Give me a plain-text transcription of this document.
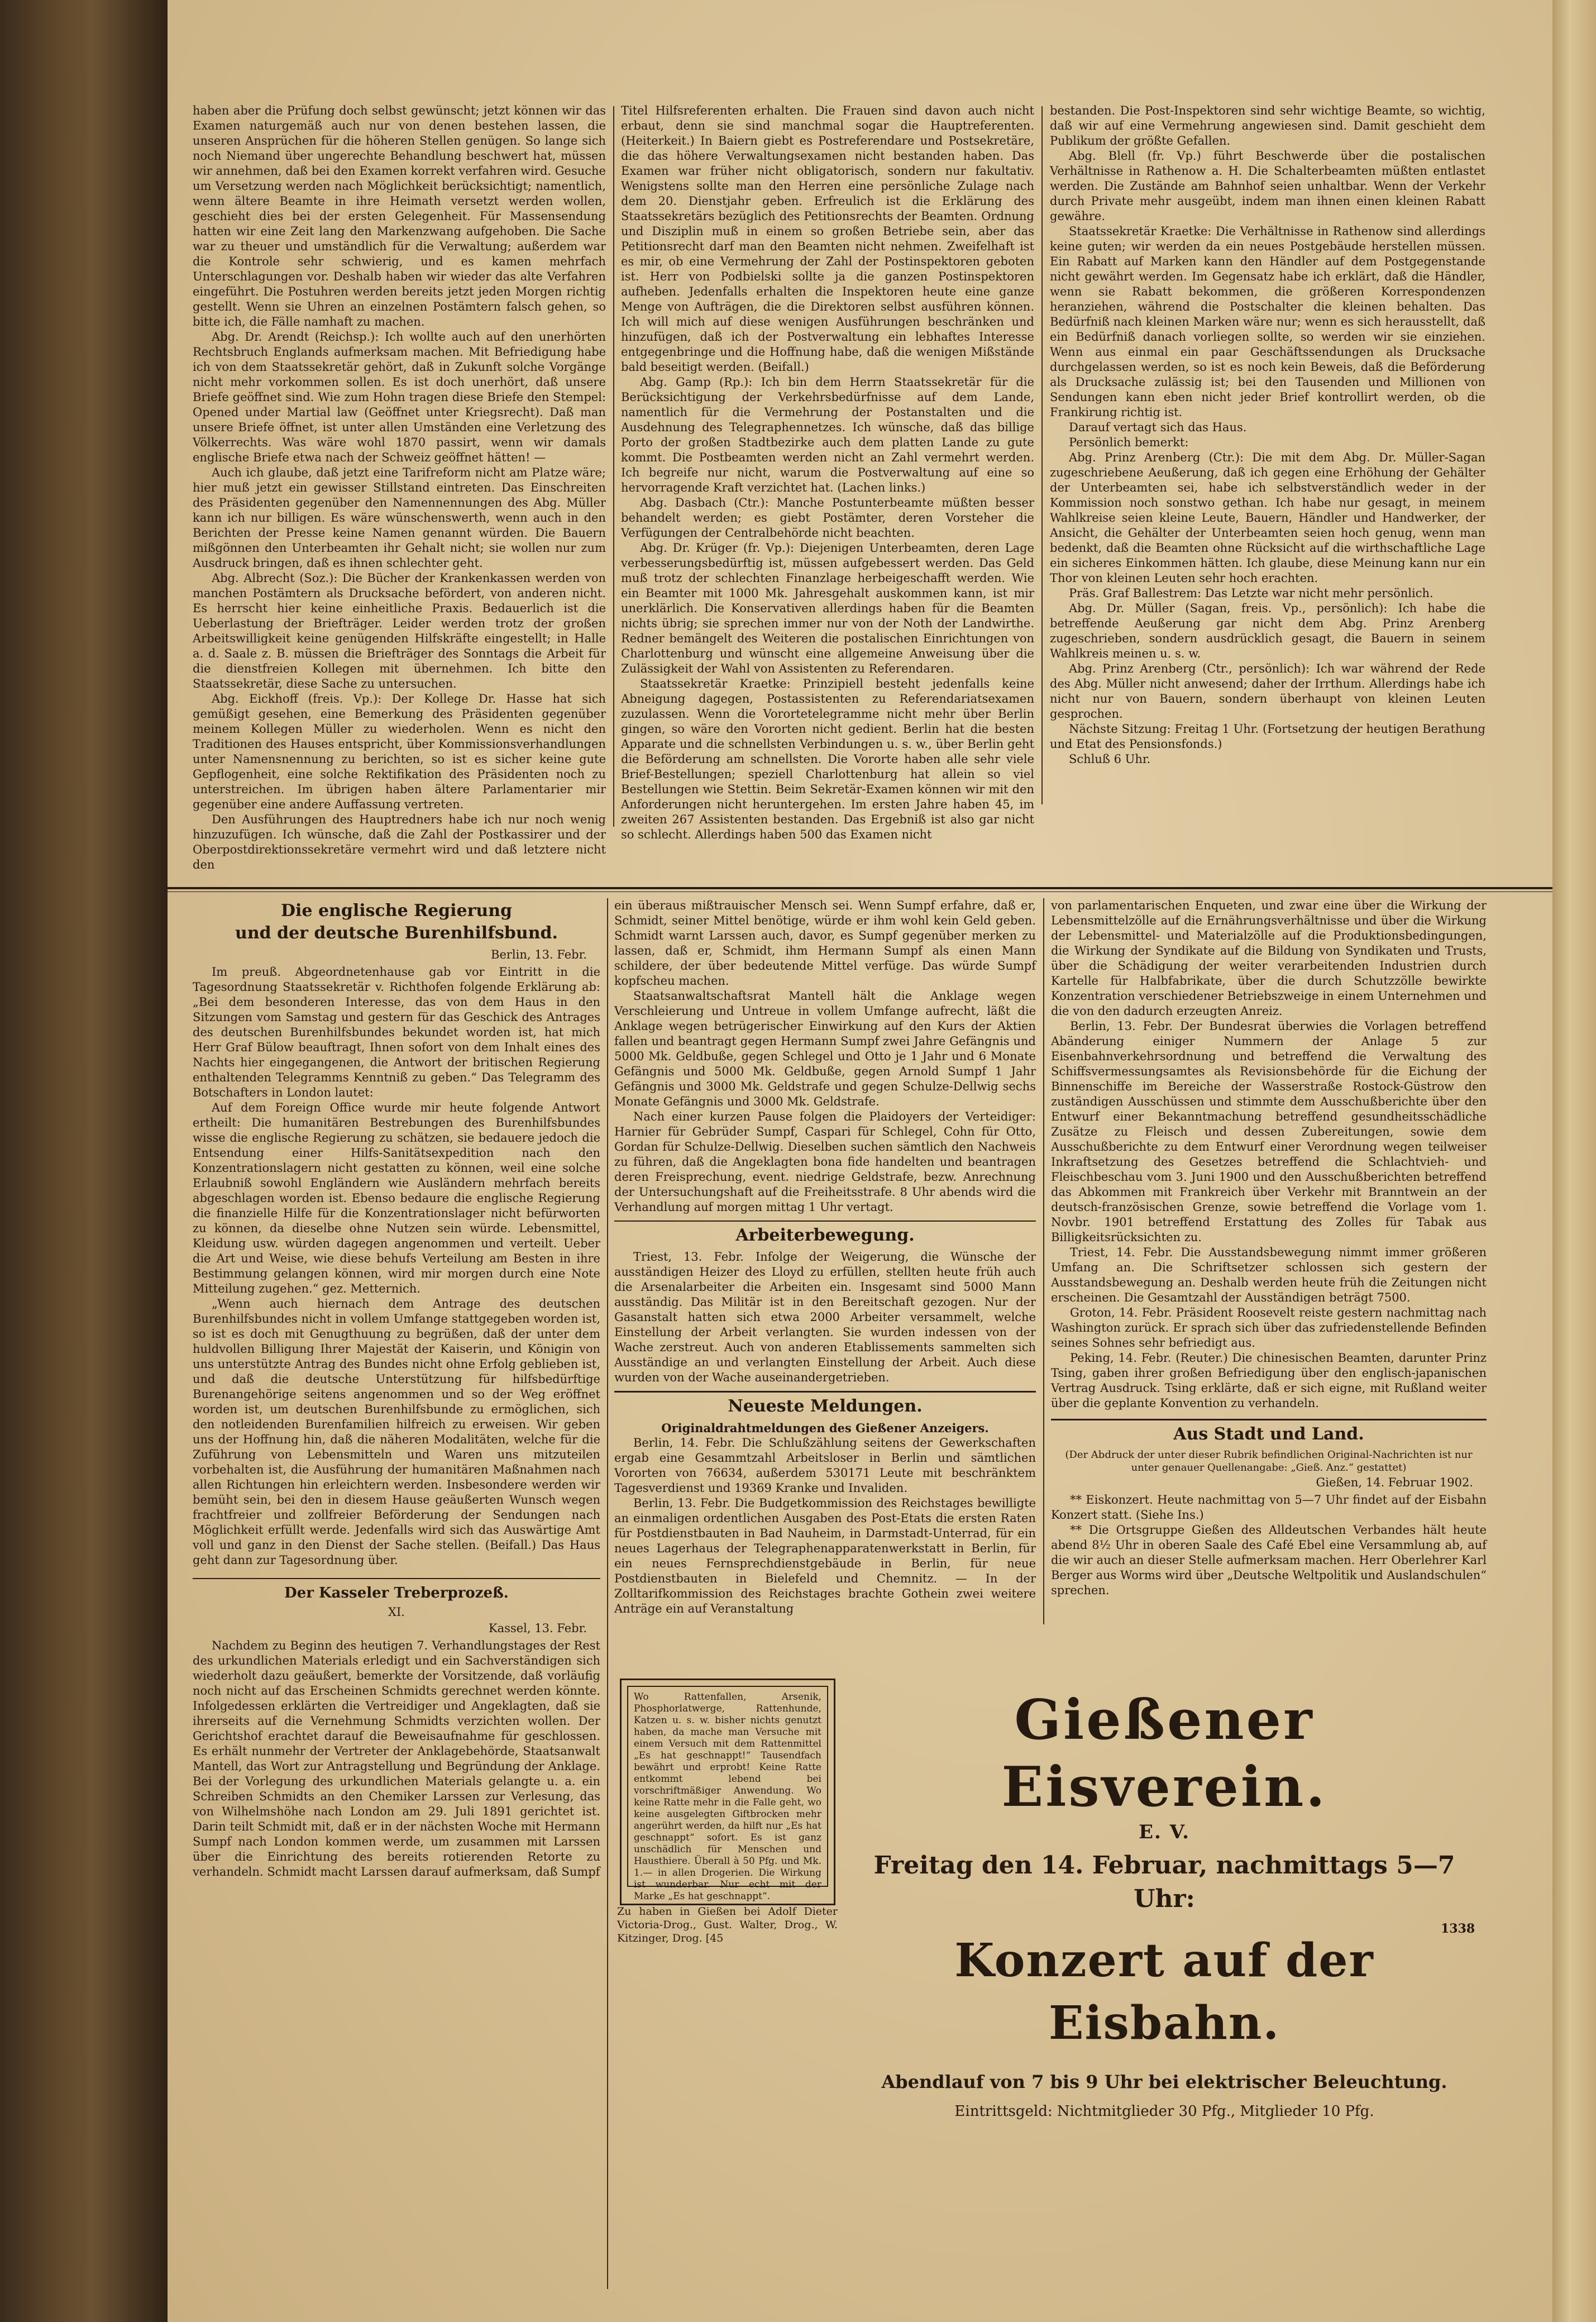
haben aber die Prüfung doch selbst gewünscht; jetzt können wir das Examen naturgemäß auch nur von denen bestehen lassen, die unseren Ansprüchen für die höheren Stellen genügen. So lange sich noch Niemand über ungerechte Behandlung beschwert hat, müssen wir annehmen, daß bei den Examen korrekt verfahren wird. Gesuche um Versetzung werden nach Möglichkeit berücksichtigt; namentlich, wenn ältere Beamte in ihre Heimath versetzt werden wollen, geschieht dies bei der ersten Gelegenheit. Für Massensendung hatten wir eine Zeit lang den Markenzwang aufgehoben. Die Sache war zu theuer und umständlich für die Verwaltung; außerdem war die Kontrole sehr schwierig, und es kamen mehrfach Unterschlagungen vor. Deshalb haben wir wieder das alte Verfahren eingeführt. Die Postuhren werden bereits jetzt jeden Morgen richtig gestellt. Wenn sie Uhren an einzelnen Postämtern falsch gehen, so bitte ich, die Fälle namhaft zu machen.

Abg. Dr. Arendt (Reichsp.): Ich wollte auch auf den unerhörten Rechtsbruch Englands aufmerksam machen. Mit Befriedigung habe ich von dem Staatssekretär gehört, daß in Zukunft solche Vorgänge nicht mehr vorkommen sollen. Es ist doch unerhört, daß unsere Briefe geöffnet sind. Wie zum Hohn tragen diese Briefe den Stempel: Opened under Martial law (Geöffnet unter Kriegsrecht). Daß man unsere Briefe öffnet, ist unter allen Umständen eine Verletzung des Völkerrechts. Was wäre wohl 1870 passirt, wenn wir damals englische Briefe etwa nach der Schweiz geöffnet hätten! —

Auch ich glaube, daß jetzt eine Tarifreform nicht am Platze wäre; hier muß jetzt ein gewisser Stillstand eintreten. Das Einschreiten des Präsidenten gegenüber den Namennennungen des Abg. Müller kann ich nur billigen. Es wäre wünschenswerth, wenn auch in den Berichten der Presse keine Namen genannt würden. Die Bauern mißgönnen den Unterbeamten ihr Gehalt nicht; sie wollen nur zum Ausdruck bringen, daß es ihnen schlechter geht.

Abg. Albrecht (Soz.): Die Bücher der Krankenkassen werden von manchen Postämtern als Drucksache befördert, von anderen nicht. Es herrscht hier keine einheitliche Praxis. Bedauerlich ist die Ueberlastung der Briefträger. Leider werden trotz der großen Arbeitswilligkeit keine genügenden Hilfskräfte eingestellt; in Halle a. d. Saale z. B. müssen die Briefträger des Sonntags die Arbeit für die dienstfreien Kollegen mit übernehmen. Ich bitte den Staatssekretär, diese Sache zu untersuchen.

Abg. Eickhoff (freis. Vp.): Der Kollege Dr. Hasse hat sich gemüßigt gesehen, eine Bemerkung des Präsidenten gegenüber meinem Kollegen Müller zu wiederholen. Wenn es nicht den Traditionen des Hauses entspricht, über Kommissionsverhandlungen unter Namensnennung zu berichten, so ist es sicher keine gute Gepflogenheit, eine solche Rektifikation des Präsidenten noch zu unterstreichen. Im übrigen haben ältere Parlamentarier mir gegenüber eine andere Auffassung vertreten.

Den Ausführungen des Hauptredners habe ich nur noch wenig hinzuzufügen. Ich wünsche, daß die Zahl der Postkassirer und der Oberpostdirektionssekretäre vermehrt wird und daß letztere nicht den

Titel Hilfsreferenten erhalten. Die Frauen sind davon auch nicht erbaut, denn sie sind manchmal sogar die Hauptreferenten. (Heiterkeit.) In Baiern giebt es Postreferendare und Postsekretäre, die das höhere Verwaltungsexamen nicht bestanden haben. Das Examen war früher nicht obligatorisch, sondern nur fakultativ. Wenigstens sollte man den Herren eine persönliche Zulage nach dem 20. Dienstjahr geben. Erfreulich ist die Erklärung des Staatssekretärs bezüglich des Petitionsrechts der Beamten. Ordnung und Disziplin muß in einem so großen Betriebe sein, aber das Petitionsrecht darf man den Beamten nicht nehmen. Zweifelhaft ist es mir, ob eine Vermehrung der Zahl der Postinspektoren geboten ist. Herr von Podbielski sollte ja die ganzen Postinspektoren aufheben. Jedenfalls erhalten die Inspektoren heute eine ganze Menge von Aufträgen, die die Direktoren selbst ausführen können. Ich will mich auf diese wenigen Ausführungen beschränken und hinzufügen, daß ich der Postverwaltung ein lebhaftes Interesse entgegenbringe und die Hoffnung habe, daß die wenigen Mißstände bald beseitigt werden. (Beifall.)

Abg. Gamp (Rp.): Ich bin dem Herrn Staatssekretär für die Berücksichtigung der Verkehrsbedürfnisse auf dem Lande, namentlich für die Vermehrung der Postanstalten und die Ausdehnung des Telegraphennetzes. Ich wünsche, daß das billige Porto der großen Stadtbezirke auch dem platten Lande zu gute kommt. Die Postbeamten werden nicht an Zahl vermehrt werden. Ich begreife nur nicht, warum die Postverwaltung auf eine so hervorragende Kraft verzichtet hat. (Lachen links.)

Abg. Dasbach (Ctr.): Manche Postunterbeamte müßten besser behandelt werden; es giebt Postämter, deren Vorsteher die Verfügungen der Centralbehörde nicht beachten.

Abg. Dr. Krüger (fr. Vp.): Diejenigen Unterbeamten, deren Lage verbesserungsbedürftig ist, müssen aufgebessert werden. Das Geld muß trotz der schlechten Finanzlage herbeigeschafft werden. Wie ein Beamter mit 1000 Mk. Jahresgehalt auskommen kann, ist mir unerklärlich. Die Konservativen allerdings haben für die Beamten nichts übrig; sie sprechen immer nur von der Noth der Landwirthe. Redner bemängelt des Weiteren die postalischen Einrichtungen von Charlottenburg und wünscht eine allgemeine Anweisung über die Zulässigkeit der Wahl von Assistenten zu Referendaren.

Staatssekretär Kraetke: Prinzipiell besteht jedenfalls keine Abneigung dagegen, Postassistenten zu Referendariatsexamen zuzulassen. Wenn die Vorortetelegramme nicht mehr über Berlin gingen, so wäre den Vororten nicht gedient. Berlin hat die besten Apparate und die schnellsten Verbindungen u. s. w., über Berlin geht die Beförderung am schnellsten. Die Vororte haben alle sehr viele Brief-Bestellungen; speziell Charlottenburg hat allein so viel Bestellungen wie Stettin. Beim Sekretär-Examen können wir mit den Anforderungen nicht heruntergehen. Im ersten Jahre haben 45, im zweiten 267 Assistenten bestanden. Das Ergebniß ist also gar nicht so schlecht. Allerdings haben 500 das Examen nicht

bestanden. Die Post-Inspektoren sind sehr wichtige Beamte, so wichtig, daß wir auf eine Vermehrung angewiesen sind. Damit geschieht dem Publikum der größte Gefallen.

Abg. Blell (fr. Vp.) führt Beschwerde über die postalischen Verhältnisse in Rathenow a. H. Die Schalterbeamten müßten entlastet werden. Die Zustände am Bahnhof seien unhaltbar. Wenn der Verkehr durch Private mehr ausgeübt, indem man ihnen einen kleinen Rabatt gewähre.

Staatssekretär Kraetke: Die Verhältnisse in Rathenow sind allerdings keine guten; wir werden da ein neues Postgebäude herstellen müssen. Ein Rabatt auf Marken kann den Händler auf dem Postgegenstande nicht gewährt werden. Im Gegensatz habe ich erklärt, daß die Händler, wenn sie Rabatt bekommen, die größeren Korrespondenzen heranziehen, während die Postschalter die kleinen behalten. Das Bedürfniß nach kleinen Marken wäre nur; wenn es sich herausstellt, daß ein Bedürfniß danach vorliegen sollte, so werden wir sie einziehen. Wenn aus einmal ein paar Geschäftssendungen als Drucksache durchgelassen werden, so ist es noch kein Beweis, daß die Beförderung als Drucksache zulässig ist; bei den Tausenden und Millionen von Sendungen kann eben nicht jeder Brief kontrollirt werden, ob die Frankirung richtig ist.

Darauf vertagt sich das Haus.

Persönlich bemerkt:

Abg. Prinz Arenberg (Ctr.): Die mit dem Abg. Dr. Müller-Sagan zugeschriebene Aeußerung, daß ich gegen eine Erhöhung der Gehälter der Unterbeamten sei, habe ich selbstverständlich weder in der Kommission noch sonstwo gethan. Ich habe nur gesagt, in meinem Wahlkreise seien kleine Leute, Bauern, Händler und Handwerker, der Ansicht, die Gehälter der Unterbeamten seien hoch genug, wenn man bedenkt, daß die Beamten ohne Rücksicht auf die wirthschaftliche Lage ein sicheres Einkommen hätten. Ich glaube, diese Meinung kann nur ein Thor von kleinen Leuten sehr hoch erachten.

Präs. Graf Ballestrem: Das Letzte war nicht mehr persönlich.

Abg. Dr. Müller (Sagan, freis. Vp., persönlich): Ich habe die betreffende Aeußerung gar nicht dem Abg. Prinz Arenberg zugeschrieben, sondern ausdrücklich gesagt, die Bauern in seinem Wahlkreis meinen u. s. w.

Abg. Prinz Arenberg (Ctr., persönlich): Ich war während der Rede des Abg. Müller nicht anwesend; daher der Irrthum. Allerdings habe ich nicht nur von Bauern, sondern überhaupt von kleinen Leuten gesprochen.

Nächste Sitzung: Freitag 1 Uhr. (Fortsetzung der heutigen Berathung und Etat des Pensionsfonds.)

Schluß 6 Uhr.

Die englische Regierung
und der deutsche Burenhilfsbund.
Berlin, 13. Febr.

Im preuß. Abgeordnetenhause gab vor Eintritt in die Tagesordnung Staatssekretär v. Richthofen folgende Erklärung ab: „Bei dem besonderen Interesse, das von dem Haus in den Sitzungen vom Samstag und gestern für das Geschick des Antrages des deutschen Burenhilfsbundes bekundet worden ist, hat mich Herr Graf Bülow beauftragt, Ihnen sofort von dem Inhalt eines des Nachts hier eingegangenen, die Antwort der britischen Regierung enthaltenden Telegramms Kenntniß zu geben.“ Das Telegramm des Botschafters in London lautet:

Auf dem Foreign Office wurde mir heute folgende Antwort ertheilt: Die humanitären Bestrebungen des Burenhilfsbundes wisse die englische Regierung zu schätzen, sie bedauere jedoch die Entsendung einer Hilfs-Sanitätsexpedition nach den Konzentrationslagern nicht gestatten zu können, weil eine solche Erlaubniß sowohl Engländern wie Ausländern mehrfach bereits abgeschlagen worden ist. Ebenso bedaure die englische Regierung die finanzielle Hilfe für die Konzentrationslager nicht befürworten zu können, da dieselbe ohne Nutzen sein würde. Lebensmittel, Kleidung usw. würden dagegen angenommen und verteilt. Ueber die Art und Weise, wie diese behufs Verteilung am Besten in ihre Bestimmung gelangen können, wird mir morgen durch eine Note Mitteilung zugehen.“ gez. Metternich.

„Wenn auch hiernach dem Antrage des deutschen Burenhilfsbundes nicht in vollem Umfange stattgegeben worden ist, so ist es doch mit Genugthuung zu begrüßen, daß der unter dem huldvollen Billigung Ihrer Majestät der Kaiserin, und Königin von uns unterstützte Antrag des Bundes nicht ohne Erfolg geblieben ist, und daß die deutsche Unterstützung für hilfsbedürftige Burenangehörige seitens angenommen und so der Weg eröffnet worden ist, um deutschen Burenhilfsbunde zu ermöglichen, sich den notleidenden Burenfamilien hilfreich zu erweisen. Wir geben uns der Hoffnung hin, daß die näheren Modalitäten, welche für die Zuführung von Lebensmitteln und Waren uns mitzuteilen vorbehalten ist, die Ausführung der humanitären Maßnahmen nach allen Richtungen hin erleichtern werden. Insbesondere werden wir bemüht sein, bei den in diesem Hause geäußerten Wunsch wegen frachtfreier und zollfreier Beförderung der Sendungen nach Möglichkeit erfüllt werde. Jedenfalls wird sich das Auswärtige Amt voll und ganz in den Dienst der Sache stellen. (Beifall.) Das Haus geht dann zur Tagesordnung über.

Der Kasseler Treberprozeß.
XI.
Kassel, 13. Febr.

Nachdem zu Beginn des heutigen 7. Verhandlungstages der Rest des urkundlichen Materials erledigt und ein Sachverständigen sich wiederholt dazu geäußert, bemerkte der Vorsitzende, daß vorläufig noch nicht auf das Erscheinen Schmidts gerechnet werden könnte. Infolgedessen erklärten die Vertreidiger und Angeklagten, daß sie ihrerseits auf die Vernehmung Schmidts verzichten wollen. Der Gerichtshof erachtet darauf die Beweisaufnahme für geschlossen. Es erhält nunmehr der Vertreter der Anklagebehörde, Staatsanwalt Mantell, das Wort zur Antragstellung und Begründung der Anklage. Bei der Vorlegung des urkundlichen Materials gelangte u. a. ein Schreiben Schmidts an den Chemiker Larssen zur Verlesung, das von Wilhelmshöhe nach London am 29. Juli 1891 gerichtet ist. Darin teilt Schmidt mit, daß er in der nächsten Woche mit Hermann Sumpf nach London kommen werde, um zusammen mit Larssen über die Einrichtung des bereits rotierenden Retorte zu verhandeln. Schmidt macht Larssen darauf aufmerksam, daß Sumpf

ein überaus mißtrauischer Mensch sei. Wenn Sumpf erfahre, daß er, Schmidt, seiner Mittel benötige, würde er ihm wohl kein Geld geben. Schmidt warnt Larssen auch, davor, es Sumpf gegenüber merken zu lassen, daß er, Schmidt, ihm Hermann Sumpf als einen Mann schildere, der über bedeutende Mittel verfüge. Das würde Sumpf kopfscheu machen.

Staatsanwaltschaftsrat Mantell hält die Anklage wegen Verschleierung und Untreue in vollem Umfange aufrecht, läßt die Anklage wegen betrügerischer Einwirkung auf den Kurs der Aktien fallen und beantragt gegen Hermann Sumpf zwei Jahre Gefängnis und 5000 Mk. Geldbuße, gegen Schlegel und Otto je 1 Jahr und 6 Monate Gefängnis und 5000 Mk. Geldbuße, gegen Arnold Sumpf 1 Jahr Gefängnis und 3000 Mk. Geldstrafe und gegen Schulze-Dellwig sechs Monate Gefängnis und 3000 Mk. Geldstrafe.

Nach einer kurzen Pause folgen die Plaidoyers der Verteidiger: Harnier für Gebrüder Sumpf, Caspari für Schlegel, Cohn für Otto, Gordan für Schulze-Dellwig. Dieselben suchen sämtlich den Nachweis zu führen, daß die Angeklagten bona fide handelten und beantragen deren Freisprechung, event. niedrige Geldstrafe, bezw. Anrechnung der Untersuchungshaft auf die Freiheitsstrafe. 8 Uhr abends wird die Verhandlung auf morgen mittag 1 Uhr vertagt.

Arbeiterbewegung.

Triest, 13. Febr. Infolge der Weigerung, die Wünsche der ausständigen Heizer des Lloyd zu erfüllen, stellten heute früh auch die Arsenalarbeiter die Arbeiten ein. Insgesamt sind 5000 Mann ausständig. Das Militär ist in den Bereitschaft gezogen. Nur der Gasanstalt hatten sich etwa 2000 Arbeiter versammelt, welche Einstellung der Arbeit verlangten. Sie wurden indessen von der Wache zerstreut. Auch von anderen Etablissements sammelten sich Ausständige an und verlangten Einstellung der Arbeit. Auch diese wurden von der Wache auseinandergetrieben.

Neueste Meldungen.
Originaldrahtmeldungen des Gießener Anzeigers.

Berlin, 14. Febr. Die Schlußzählung seitens der Gewerkschaften ergab eine Gesammtzahl Arbeitsloser in Berlin und sämtlichen Vororten von 76634, außerdem 530171 Leute mit beschränktem Tagesverdienst und 19369 Kranke und Invaliden.

Berlin, 13. Febr. Die Budgetkommission des Reichstages bewilligte an einmaligen ordentlichen Ausgaben des Post-Etats die ersten Raten für Postdienstbauten in Bad Nauheim, in Darmstadt-Unterrad, für ein neues Lagerhaus der Telegraphenapparatenwerkstatt in Berlin, für ein neues Fernsprechdienstgebäude in Berlin, für neue Postdienstbauten in Bielefeld und Chemnitz. — In der Zolltarifkommission des Reichstages brachte Gothein zwei weitere Anträge ein auf Veranstaltung

von parlamentarischen Enqueten, und zwar eine über die Wirkung der Lebensmittelzölle auf die Ernährungsverhältnisse und über die Wirkung der Lebensmittel- und Materialzölle auf die Produktionsbedingungen, die Wirkung der Syndikate auf die Bildung von Syndikaten und Trusts, über die Schädigung der weiter verarbeitenden Industrien durch Kartelle für Halbfabrikate, über die durch Schutzzölle bewirkte Konzentration verschiedener Betriebszweige in einem Unternehmen und die von den dadurch erzeugten Anreiz.

Berlin, 13. Febr. Der Bundesrat überwies die Vorlagen betreffend Abänderung einiger Nummern der Anlage 5 zur Eisenbahnverkehrsordnung und betreffend die Verwaltung des Schiffsvermessungsamtes als Revisionsbehörde für die Eichung der Binnenschiffe im Bereiche der Wasserstraße Rostock-Güstrow den zuständigen Ausschüssen und stimmte dem Ausschußberichte über den Entwurf einer Bekanntmachung betreffend gesundheitsschädliche Zusätze zu Fleisch und dessen Zubereitungen, sowie dem Ausschußberichte zu dem Entwurf einer Verordnung wegen teilweiser Inkraftsetzung des Gesetzes betreffend die Schlachtvieh- und Fleischbeschau vom 3. Juni 1900 und den Ausschußberichten betreffend das Abkommen mit Frankreich über Verkehr mit Branntwein an der deutsch-französischen Grenze, sowie betreffend die Vorlage vom 1. Novbr. 1901 betreffend Erstattung des Zolles für Tabak aus Billigkeitsrücksichten zu.

Triest, 14. Febr. Die Ausstandsbewegung nimmt immer größeren Umfang an. Die Schriftsetzer schlossen sich gestern der Ausstandsbewegung an. Deshalb werden heute früh die Zeitungen nicht erscheinen. Die Gesamtzahl der Ausständigen beträgt 7500.

Groton, 14. Febr. Präsident Roosevelt reiste gestern nachmittag nach Washington zurück. Er sprach sich über das zufriedenstellende Befinden seines Sohnes sehr befriedigt aus.

Peking, 14. Febr. (Reuter.) Die chinesischen Beamten, darunter Prinz Tsing, gaben ihrer großen Befriedigung über den englisch-japanischen Vertrag Ausdruck. Tsing erklärte, daß er sich eigne, mit Rußland weiter über die geplante Konvention zu verhandeln.

Aus Stadt und Land.
(Der Abdruck der unter dieser Rubrik befindlichen Original-Nachrichten ist nur unter genauer Quellenangabe: „Gieß. Anz.“ gestattet)
Gießen, 14. Februar 1902.

** Eiskonzert. Heute nachmittag von 5—7 Uhr findet auf der Eisbahn Konzert statt. (Siehe Ins.)

** Die Ortsgruppe Gießen des Alldeutschen Verbandes hält heute abend 8½ Uhr in oberen Saale des Café Ebel eine Versammlung ab, auf die wir auch an dieser Stelle aufmerksam machen. Herr Oberlehrer Karl Berger aus Worms wird über „Deutsche Weltpolitik und Auslandschulen“ sprechen.

Wo Rattenfallen, Arsenik, Phosphorlatwerge, Rattenhunde, Katzen u. s. w. bisher nichts genutzt haben, da mache man Versuche mit einem Versuch mit dem Rattenmittel „Es hat geschnappt!“ Tausendfach bewährt und erprobt! Keine Ratte entkommt lebend bei vorschriftmäßiger Anwendung. Wo keine Ratte mehr in die Falle geht, wo keine ausgelegten Giftbrocken mehr angerührt werden, da hilft nur „Es hat geschnappt“ sofort. Es ist ganz unschädlich für Menschen und Hausthiere. Überall à 50 Pfg. und Mk. 1.— in allen Drogerien. Die Wirkung ist wunderbar. Nur echt mit der Marke „Es hat geschnappt“.

Zu haben in Gießen bei Adolf Dieter Victoria-Drog., Gust. Walter, Drog., W. Kitzinger, Drog. [45

Gießener Eisverein.
E. V.
Freitag den 14. Februar, nachmittags 5—7 Uhr:
Konzert auf der Eisbahn.
Abendlauf von 7 bis 9 Uhr bei elektrischer Beleuchtung.
Eintrittsgeld: Nichtmitglieder 30 Pfg., Mitglieder 10 Pfg.
1338
